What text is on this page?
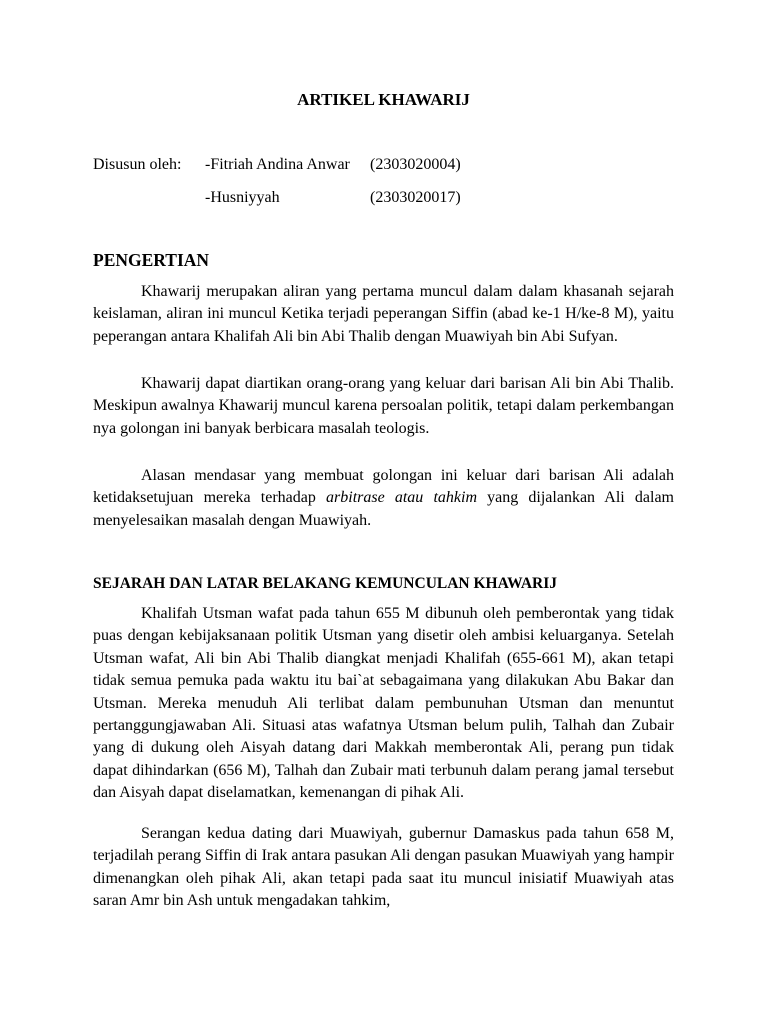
ARTIKEL KHAWARIJ
Disusun oleh: -Fitriah Andina Anwar (2303020004)
-Husniyyah	(2303020017)
PENGERTIAN

Khawarij merupakan aliran yang pertama muncul dalam dalam khasanah sejarah keislaman, aliran ini muncul Ketika terjadi peperangan Siffin (abad ke-1 H/ke-8 M), yaitu peperangan antara Khalifah Ali bin Abi Thalib dengan Muawiyah bin Abi Sufyan.

Khawarij dapat diartikan orang-orang yang keluar dari barisan Ali bin Abi Thalib. Meskipun awalnya Khawarij muncul karena persoalan politik, tetapi dalam perkembangan nya golongan ini banyak berbicara masalah teologis.

Alasan mendasar yang membuat golongan ini keluar dari barisan Ali adalah ketidaksetujuan mereka terhadap arbitrase atau tahkim yang dijalankan Ali dalam menyelesaikan masalah dengan Muawiyah.

SEJARAH DAN LATAR BELAKANG KEMUNCULAN KHAWARIJ

Khalifah Utsman wafat pada tahun 655 M dibunuh oleh pemberontak yang tidak puas dengan kebijaksanaan politik Utsman yang disetir oleh ambisi keluarganya. Setelah Utsman wafat, Ali bin Abi Thalib diangkat menjadi Khalifah (655-661 M), akan tetapi tidak semua pemuka pada waktu itu bai`at sebagaimana yang dilakukan Abu Bakar dan Utsman. Mereka menuduh Ali terlibat dalam pembunuhan Utsman dan menuntut pertanggungjawaban Ali. Situasi atas wafatnya Utsman belum pulih, Talhah dan Zubair yang di dukung oleh Aisyah datang dari Makkah memberontak Ali, perang pun tidak dapat dihindarkan (656 M), Talhah dan Zubair mati terbunuh dalam perang jamal tersebut dan Aisyah dapat diselamatkan, kemenangan di pihak Ali.

Serangan kedua dating dari Muawiyah, gubernur Damaskus pada tahun 658 M, terjadilah perang Siffin di Irak antara pasukan Ali dengan pasukan Muawiyah yang hampir dimenangkan oleh pihak Ali, akan tetapi pada saat itu muncul inisiatif Muawiyah atas saran Amr bin Ash untuk mengadakan tahkim,
